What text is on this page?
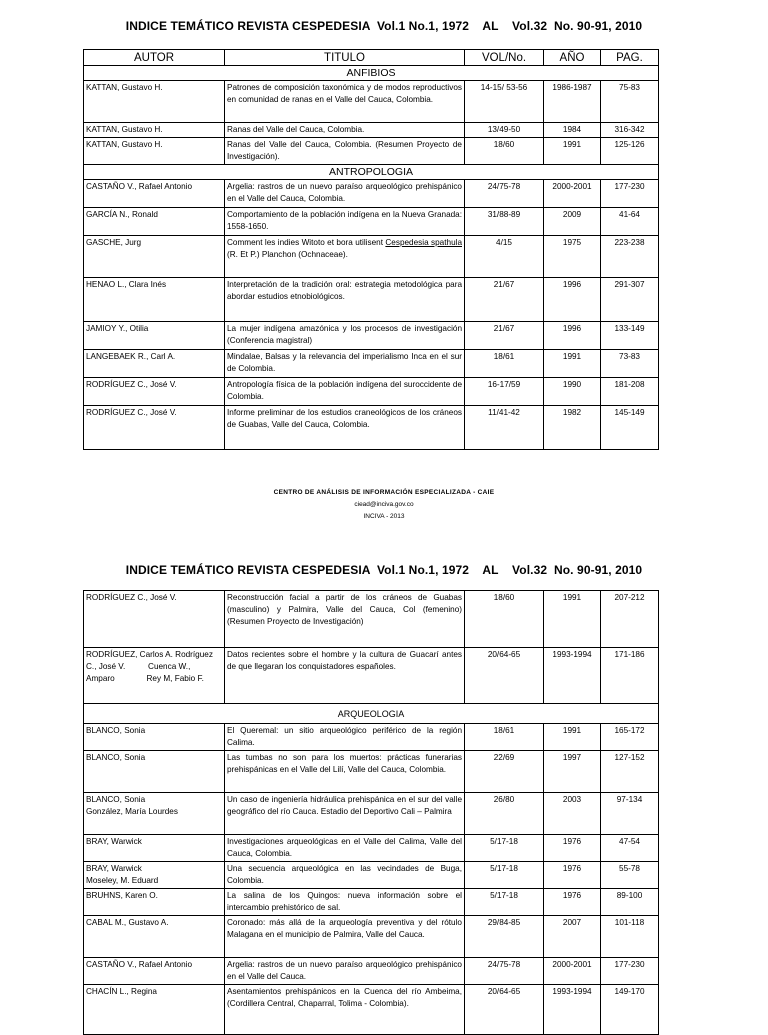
INDICE TEMÁTICO REVISTA CESPEDESIA  Vol.1 No.1, 1972    AL    Vol.32  No. 90-91, 2010
AUTOR	TITULO	VOL/No.	AÑO	PAG.
ANFIBIOS				
KATTAN, Gustavo H.	Patrones de composición taxonómica y de modos reproductivos en comunidad de ranas en el Valle del Cauca, Colombia.	14-15/ 53-56	1986-1987	75-83
KATTAN, Gustavo H.	Ranas del Valle del Cauca, Colombia.	13/49-50	1984	316-342
KATTAN, Gustavo H.	Ranas del Valle del Cauca, Colombia. (Resumen Proyecto de Investigación).	18/60	1991	125-126
ANTROPOLOGIA				
CASTAÑO V., Rafael Antonio	Argelia: rastros de un nuevo paraíso arqueológico prehispánico en el Valle del Cauca, Colombia.	24/75-78	2000-2001	177-230
GARCÍA N., Ronald	Comportamiento de la población indígena en la Nueva Granada: 1558-1650.	31/88-89	2009	41-64
GASCHE, Jurg	Comment les indies Witoto et bora utilisent Cespedesia spathula (R. Et P.) Planchon (Ochnaceae).	4/15	1975	223-238
HENAO L., Clara Inés	Interpretación de la tradición oral: estrategia metodológica para abordar estudios etnobiológicos.	21/67	1996	291-307
JAMIOY Y., Otilia	La mujer indígena amazónica y los procesos de investigación (Conferencia magistral)	21/67	1996	133-149
LANGEBAEK R., Carl A.	Mindalae, Balsas y la relevancia del imperialismo Inca en el sur de Colombia.	18/61	1991	73-83
RODRÍGUEZ C., José V.	Antropología física de la población indígena del suroccidente de Colombia.	16-17/59	1990	181-208
RODRÍGUEZ C., José V.	Informe preliminar de los estudios craneológicos de los cráneos de Guabas, Valle del Cauca, Colombia.	11/41-42	1982	145-149
CENTRO DE ANÁLISIS DE INFORMACIÓN ESPECIALIZADA - CAIE
ciead@inciva.gov.co
INCIVA - 2013
INDICE TEMÁTICO REVISTA CESPEDESIA  Vol.1 No.1, 1972    AL    Vol.32  No. 90-91, 2010
RODRÍGUEZ C., José V.	Reconstrucción facial a partir de los cráneos de Guabas (masculino) y Palmira, Valle del Cauca, Col (femenino) (Resumen Proyecto de Investigación)	18/60	1991	207-212

RODRÍGUEZ, Carlos A. Rodríguez
C., José V.          Cuenca W.,
Amparo              Rey M, Fabio F.	Datos recientes sobre el hombre y la cultura de Guacarí antes de que llegaran los conquistadores españoles.	20/64-65	1993-1994	171-186
ARQUEOLOGIA				
BLANCO, Sonia	El Queremal: un sitio arqueológico periférico de la región Calima.	18/61	1991	165-172
BLANCO, Sonia	Las tumbas no son para los muertos: prácticas funerarias prehispánicas en el Valle del Lilí, Valle del Cauca, Colombia.	22/69	1997	127-152

BLANCO, Sonia
González, María Lourdes	Un caso de ingeniería hidráulica prehispánica en el sur del valle geográfico del río Cauca. Estadio del Deportivo Cali – Palmira	26/80	2003	97-134
BRAY, Warwick	Investigaciones arqueológicas en el Valle del Calima, Valle del Cauca, Colombia.	5/17-18	1976	47-54

BRAY, Warwick
Moseley, M. Eduard	Una secuencia arqueológica en las vecindades de Buga, Colombia.	5/17-18	1976	55-78
BRUHNS, Karen O.	La salina de los Quingos: nueva información sobre el intercambio prehistórico de sal.	5/17-18	1976	89-100
CABAL M., Gustavo A.	Coronado: más allá de la arqueología preventiva y del rótulo Malagana en el municipio de Palmira, Valle del Cauca.	29/84-85	2007	101-118
CASTAÑO V., Rafael Antonio	Argelia: rastros de un nuevo paraíso arqueológico prehispánico en el Valle del Cauca.	24/75-78	2000-2001	177-230
CHACÍN L., Regina	Asentamientos prehispánicos en la Cuenca del río Ambeima, (Cordillera Central, Chaparral, Tolima - Colombia).	20/64-65	1993-1994	149-170
